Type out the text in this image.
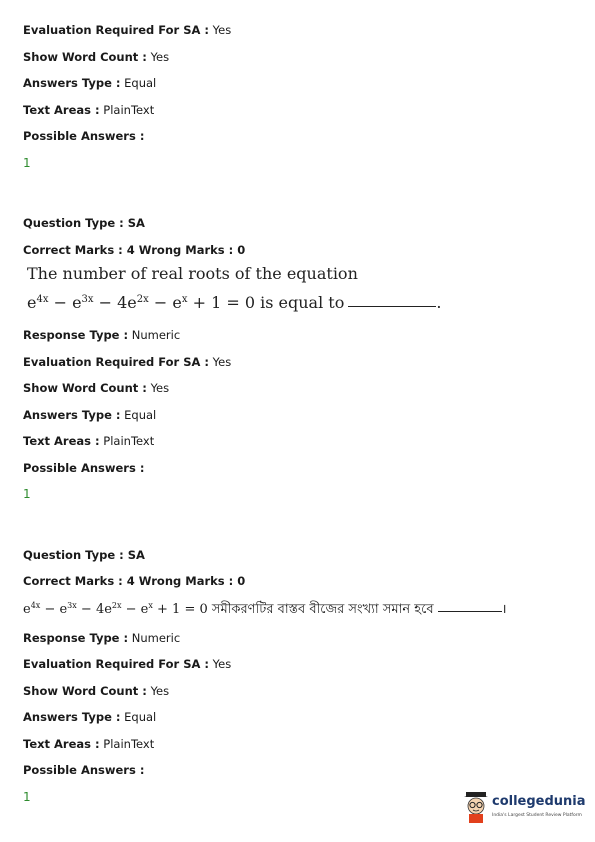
Evaluation Required For SA : Yes
Show Word Count : Yes
Answers Type : Equal
Text Areas : PlainText
Possible Answers :
1
Question Type : SA
Correct Marks : 4 Wrong Marks : 0
The number of real roots of the equation
$e^{4x} - e^{3x} - 4e^{2x} - e^x + 1 = 0$ is equal to	.
Response Type : Numeric
Evaluation Required For SA : Yes
Show Word Count : Yes
Answers Type : Equal
Text Areas : PlainText
Possible Answers :
1
Question Type : SA
Correct Marks : 4 Wrong Marks : 0
$e^{4x} - e^{3x} - 4e^{2x} - e^x + 1 = 0$ সমীকরণটির বাস্তব বীজের সংখ্যা সমান হবে	।
Response Type : Numeric
Evaluation Required For SA : Yes
Show Word Count : Yes
Answers Type : Equal
Text Areas : PlainText
Possible Answers :
1	collegedunia
India's Largest Student Review Platform
